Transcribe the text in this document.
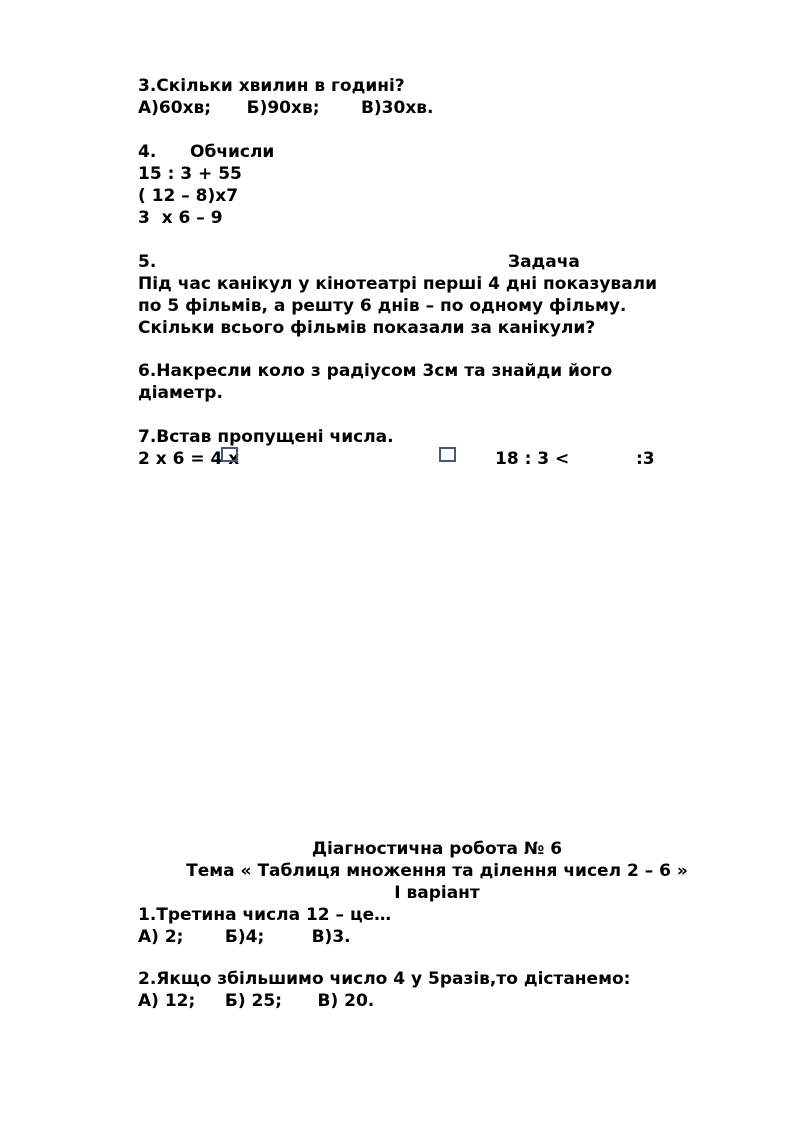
3.Скільки хвилин в годині?
А)60хв;      Б)90хв;       В)30хв.
4. Обчисли
15 : 3 + 55
( 12 – 8)х7
3  х 6 – 9
5.	Задача
Під час канікул у кінотеатрі перші 4 дні показували
по 5 фільмів, а решту 6 днів – по одному фільму.
Скільки всього фільмів показали за канікули?
6.Накресли коло з радіусом 3см та знайди його
діаметр.
7.Встав пропущені числа.
2 х 6 = 4 х	18 : 3 <	:3
Діагностична робота № 6
Тема « Таблиця множення та ділення чисел 2 – 6 »
І варіант
1.Третина числа 12 – це…
А) 2;       Б)4;        В)3.
2.Якщо збільшимо число 4 у 5разів,то дістанемо:
А) 12;     Б) 25;      В) 20.
